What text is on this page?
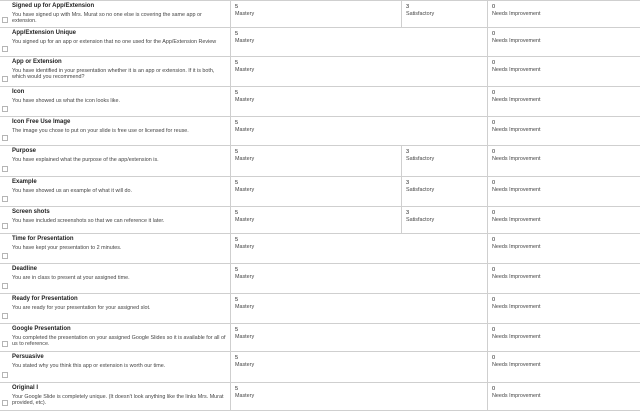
Signed up for App/Extension
You have signed up with Mrs. Murat so no one else is covering the same app or extension.
5
Mastery
3
Satisfactory
0
Needs Improvement
App/Extension Unique
You signed up for an app or extension that no one used for the App/Extension Review
5
Mastery
0
Needs Improvement
App or Extension
You have identified in your presentation whether it is an app or extension. If it is both, which would you recommend?
5
Mastery
0
Needs Improvement
Icon
You have showed us what the icon looks like.
5
Mastery
0
Needs Improvement
Icon Free Use Image
The image you chose to put on your slide is free use or licensed for reuse.
5
Mastery
0
Needs Improvement
Purpose
You have explained what the purpose of the app/extension is.
5
Mastery
3
Satisfactory
0
Needs Improvement
Example
You have showed us an example of what it will do.
5
Mastery
3
Satisfactory
0
Needs Improvement
Screen shots
You have included screenshots so that we can reference it later.
5
Mastery
3
Satisfactory
0
Needs Improvement
Time for Presentation
You have kept your presentation to 2 minutes.
5
Mastery
0
Needs Improvement
Deadline
You are in class to present at your assigned time.
5
Mastery
0
Needs Improvement
Ready for Presentation
You are ready for your presentation for your assigned slot.
5
Mastery
0
Needs Improvement
Google Presentation
You completed the presentation on your assigned Google Slides so it is available for all of us to reference.
5
Mastery
0
Needs Improvement
Persuasive
You stated why you think this app or extension is worth our time.
5
Mastery
0
Needs Improvement
Original I
Your Google Slide is completely unique. (It doesn't look anything like the links Mrs. Murat provided, etc).
5
Mastery
0
Needs Improvement
